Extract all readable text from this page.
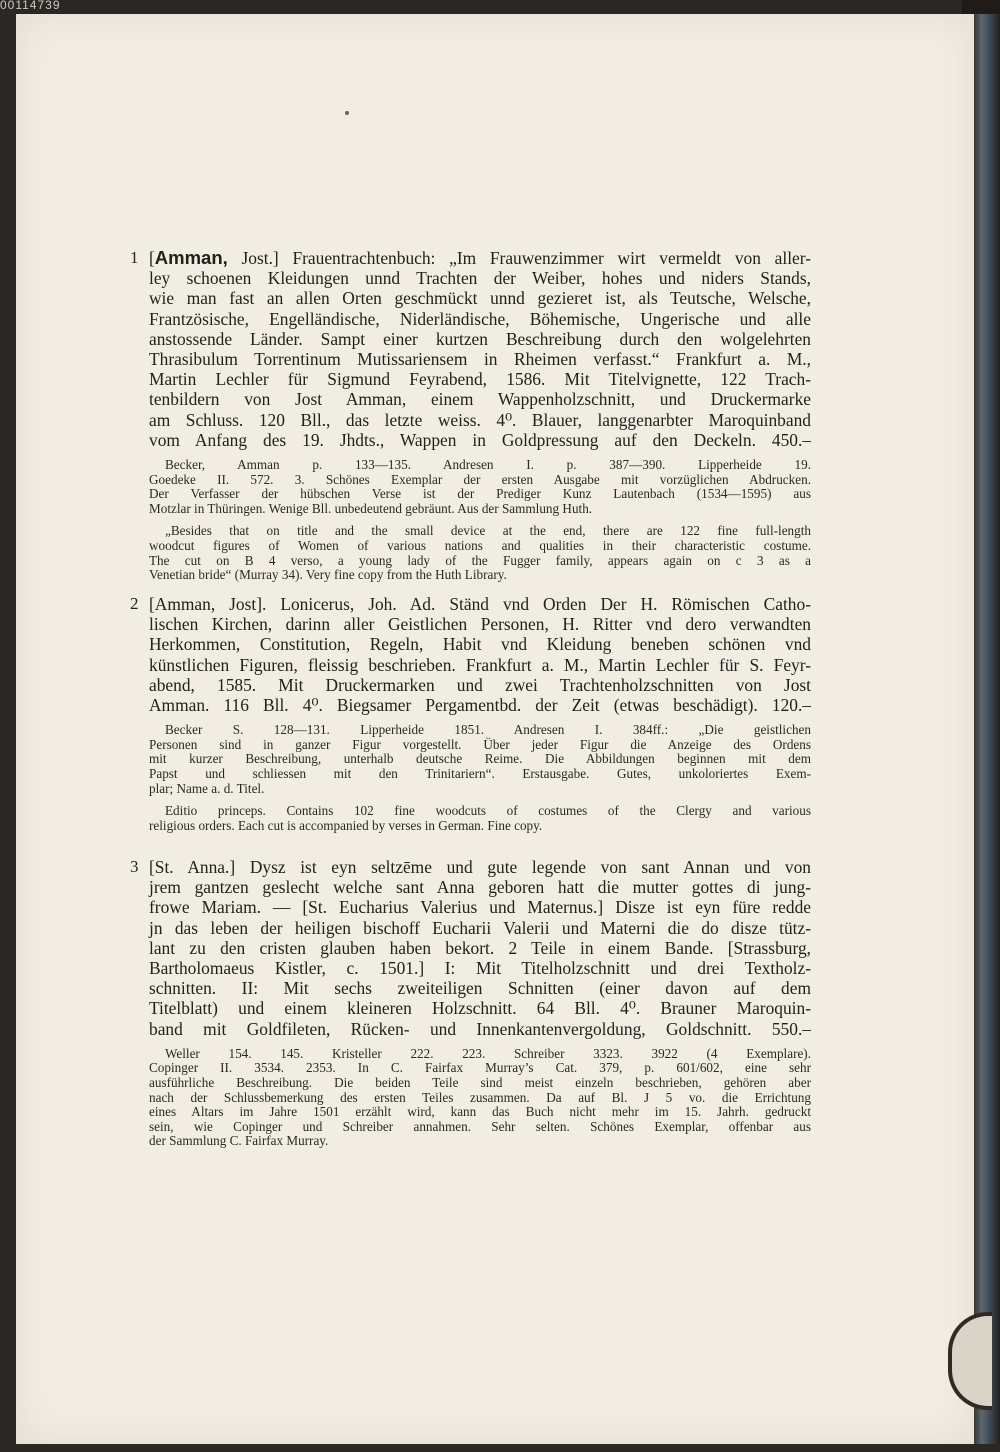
00114739
1 [Amman, Jost.] Frauentrachtenbuch: „Im Frauwenzimmer wirt vermeldt von aller-
ley schoenen Kleidungen unnd Trachten der Weiber, hohes und niders Stands,
wie man fast an allen Orten geschmückt unnd gezieret ist, als Teutsche, Welsche,
Frantzösische, Engelländische, Niderländische, Böhemische, Ungerische und alle
anstossende Länder. Sampt einer kurtzen Beschreibung durch den wolgelehrten
Thrasibulum Torrentinum Mutissariensem in Rheimen verfasst.“ Frankfurt a. M.,
Martin Lechler für Sigmund Feyrabend, 1586. Mit Titelvignette, 122 Trach-
tenbildern von Jost Amman, einem Wappenholzschnitt, und Druckermarke
am Schluss. 120 Bll., das letzte weiss. 4⁰. Blauer, langgenarbter Maroquinband
vom Anfang des 19. Jhdts., Wappen in Goldpressung auf den Deckeln. 450.–
Becker, Amman p. 133—135. Andresen I. p. 387—390. Lipperheide 19.
Goedeke II. 572. 3. Schönes Exemplar der ersten Ausgabe mit vorzüglichen Abdrucken.
Der Verfasser der hübschen Verse ist der Prediger Kunz Lautenbach (1534—1595) aus
Motzlar in Thüringen. Wenige Bll. unbedeutend gebräunt. Aus der Sammlung Huth.
„Besides that on title and the small device at the end, there are 122 fine full-length
woodcut figures of Women of various nations and qualities in their characteristic costume.
The cut on B 4 verso, a young lady of the Fugger family, appears again on c 3 as a
Venetian bride“ (Murray 34). Very fine copy from the Huth Library.
2 [Amman, Jost]. Lonicerus, Joh. Ad. Ständ vnd Orden Der H. Römischen Catho-
lischen Kirchen, darinn aller Geistlichen Personen, H. Ritter vnd dero verwandten
Herkommen, Constitution, Regeln, Habit vnd Kleidung beneben schönen vnd
künstlichen Figuren, fleissig beschrieben. Frankfurt a. M., Martin Lechler für S. Feyr-
abend, 1585. Mit Druckermarken und zwei Trachtenholzschnitten von Jost
Amman. 116 Bll. 4⁰. Biegsamer Pergamentbd. der Zeit (etwas beschädigt). 120.–
Becker S. 128—131. Lipperheide 1851. Andresen I. 384ff.: „Die geistlichen
Personen sind in ganzer Figur vorgestellt. Über jeder Figur die Anzeige des Ordens
mit kurzer Beschreibung, unterhalb deutsche Reime. Die Abbildungen beginnen mit dem
Papst und schliessen mit den Trinitariern“. Erstausgabe. Gutes, unkoloriertes Exem-
plar; Name a. d. Titel.
Editio princeps. Contains 102 fine woodcuts of costumes of the Clergy and various
religious orders. Each cut is accompanied by verses in German. Fine copy.
3 [St. Anna.] Dysz ist eyn seltzēme und gute legende von sant Annan und von
jrem gantzen geslecht welche sant Anna geboren hatt die mutter gottes di jung-
frowe Mariam. — [St. Eucharius Valerius und Maternus.] Disze ist eyn füre redde
jn das leben der heiligen bischoff Eucharii Valerii und Materni die do disze tütz-
lant zu den cristen glauben haben bekort. 2 Teile in einem Bande. [Strassburg,
Bartholomaeus Kistler, c. 1501.] I: Mit Titelholzschnitt und drei Textholz-
schnitten. II: Mit sechs zweiteiligen Schnitten (einer davon auf dem
Titelblatt) und einem kleineren Holzschnitt. 64 Bll. 4⁰. Brauner Maroquin-
band mit Goldfileten, Rücken- und Innenkantenvergoldung, Goldschnitt. 550.–
Weller 154. 145. Kristeller 222. 223. Schreiber 3323. 3922 (4 Exemplare).
Copinger II. 3534. 2353. In C. Fairfax Murray’s Cat. 379, p. 601/602, eine sehr
ausführliche Beschreibung. Die beiden Teile sind meist einzeln beschrieben, gehören aber
nach der Schlussbemerkung des ersten Teiles zusammen. Da auf Bl. J 5 vo. die Errichtung
eines Altars im Jahre 1501 erzählt wird, kann das Buch nicht mehr im 15. Jahrh. gedruckt
sein, wie Copinger und Schreiber annahmen. Sehr selten. Schönes Exemplar, offenbar aus
der Sammlung C. Fairfax Murray.
